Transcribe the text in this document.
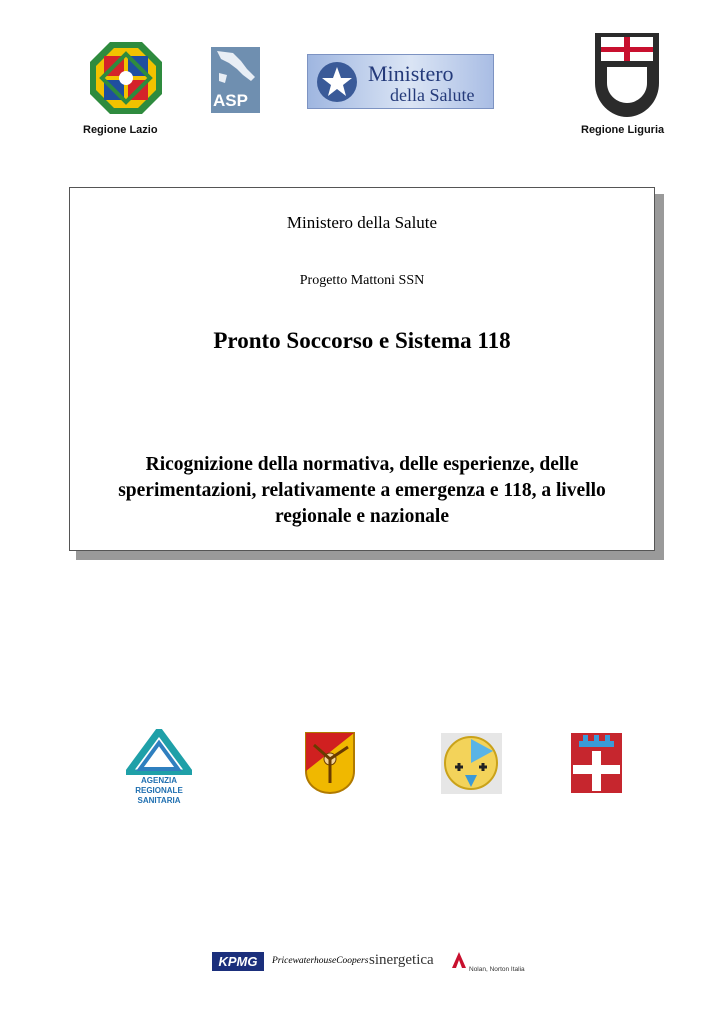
Regione Lazio
ASP
Ministero
della Salute
Regione Liguria
Ministero della Salute
Progetto Mattoni SSN
Pronto Soccorso e Sistema 118
Ricognizione della normativa, delle esperienze, delle sperimentazioni, relativamente a emergenza e 118, a livello regionale e nazionale
AGENZIA
REGIONALE
SANITARIA
KPMG	PricewaterhouseCoopers sinergetica
Nolan, Norton Italia
